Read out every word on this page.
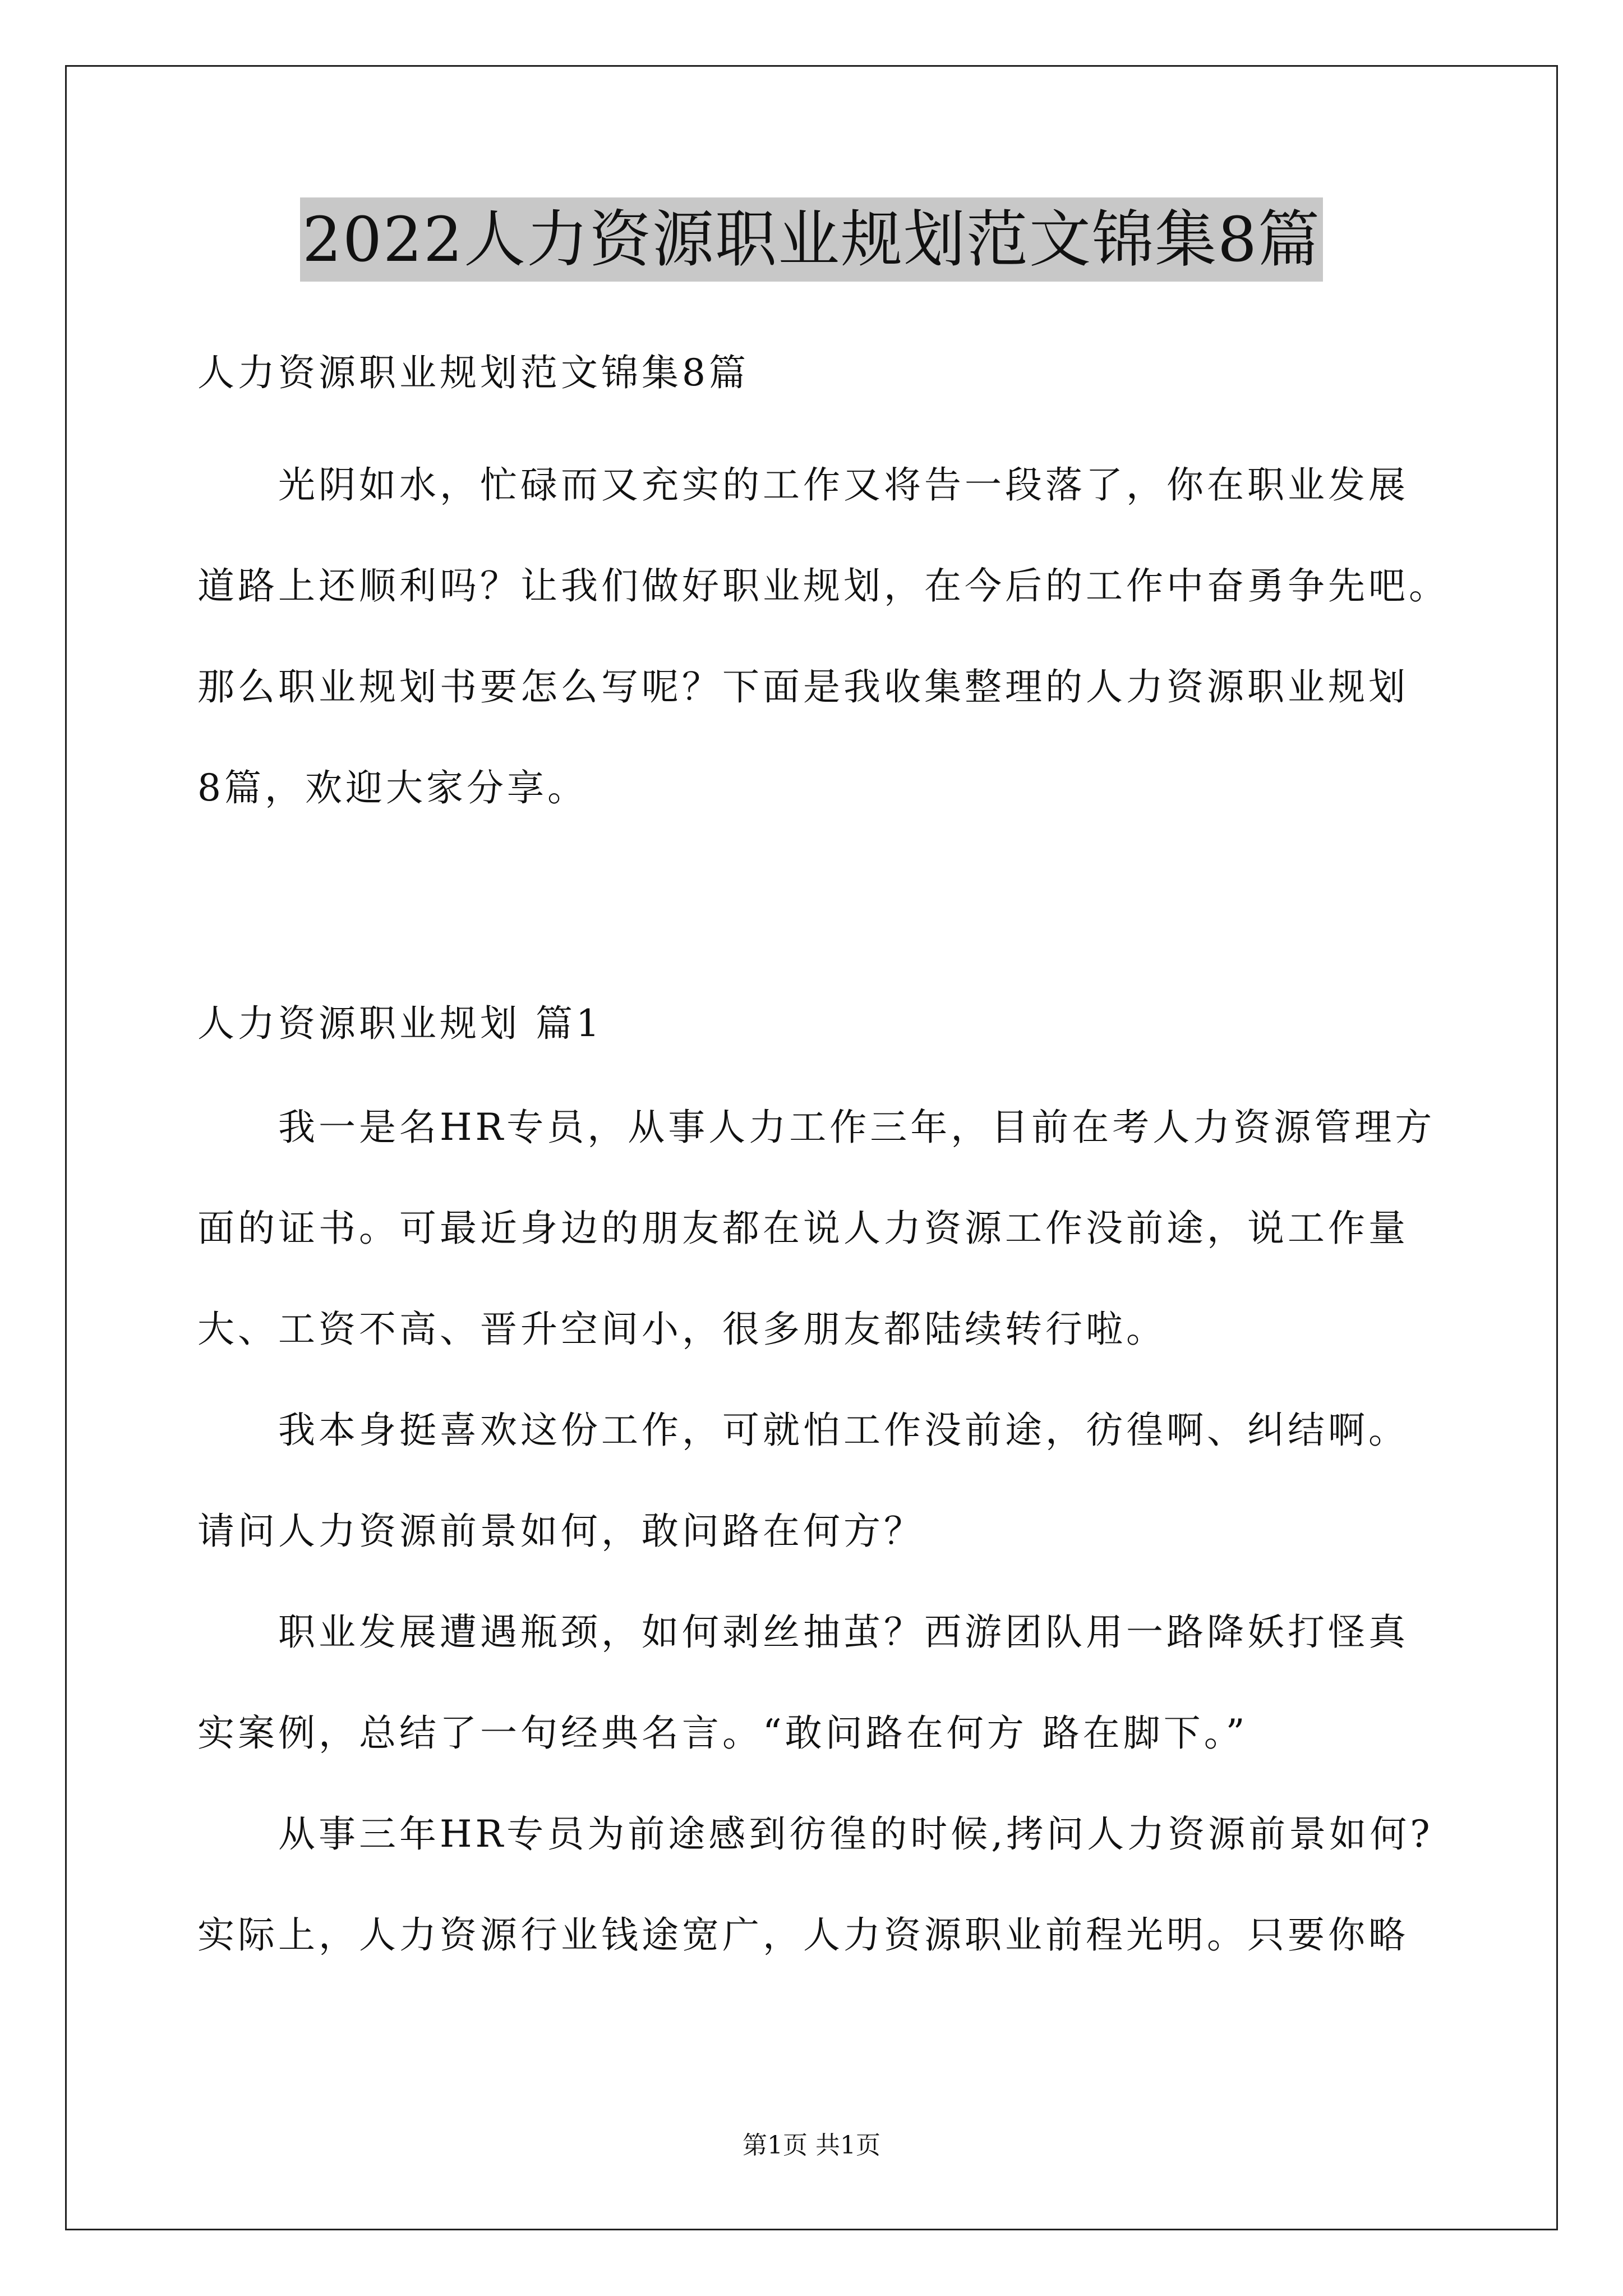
2022人力资源职业规划范文锦集8篇
人力资源职业规划范文锦集8篇
光阴如水，忙碌而又充实的工作又将告一段落了，你在职业发展
道路上还顺利吗？让我们做好职业规划，在今后的工作中奋勇争先吧。
那么职业规划书要怎么写呢？下面是我收集整理的人力资源职业规划
8篇，欢迎大家分享。
人力资源职业规划 篇1
我一是名HR专员，从事人力工作三年，目前在考人力资源管理方
面的证书。可最近身边的朋友都在说人力资源工作没前途，说工作量
大、工资不高、晋升空间小，很多朋友都陆续转行啦。
我本身挺喜欢这份工作，可就怕工作没前途，彷徨啊、纠结啊。
请问人力资源前景如何，敢问路在何方？
职业发展遭遇瓶颈，如何剥丝抽茧？西游团队用一路降妖打怪真
实案例，总结了一句经典名言。“敢问路在何方 路在脚下。”
从事三年HR专员为前途感到彷徨的时候,拷问人力资源前景如何?
实际上，人力资源行业钱途宽广，人力资源职业前程光明。只要你略
第1页 共1页
